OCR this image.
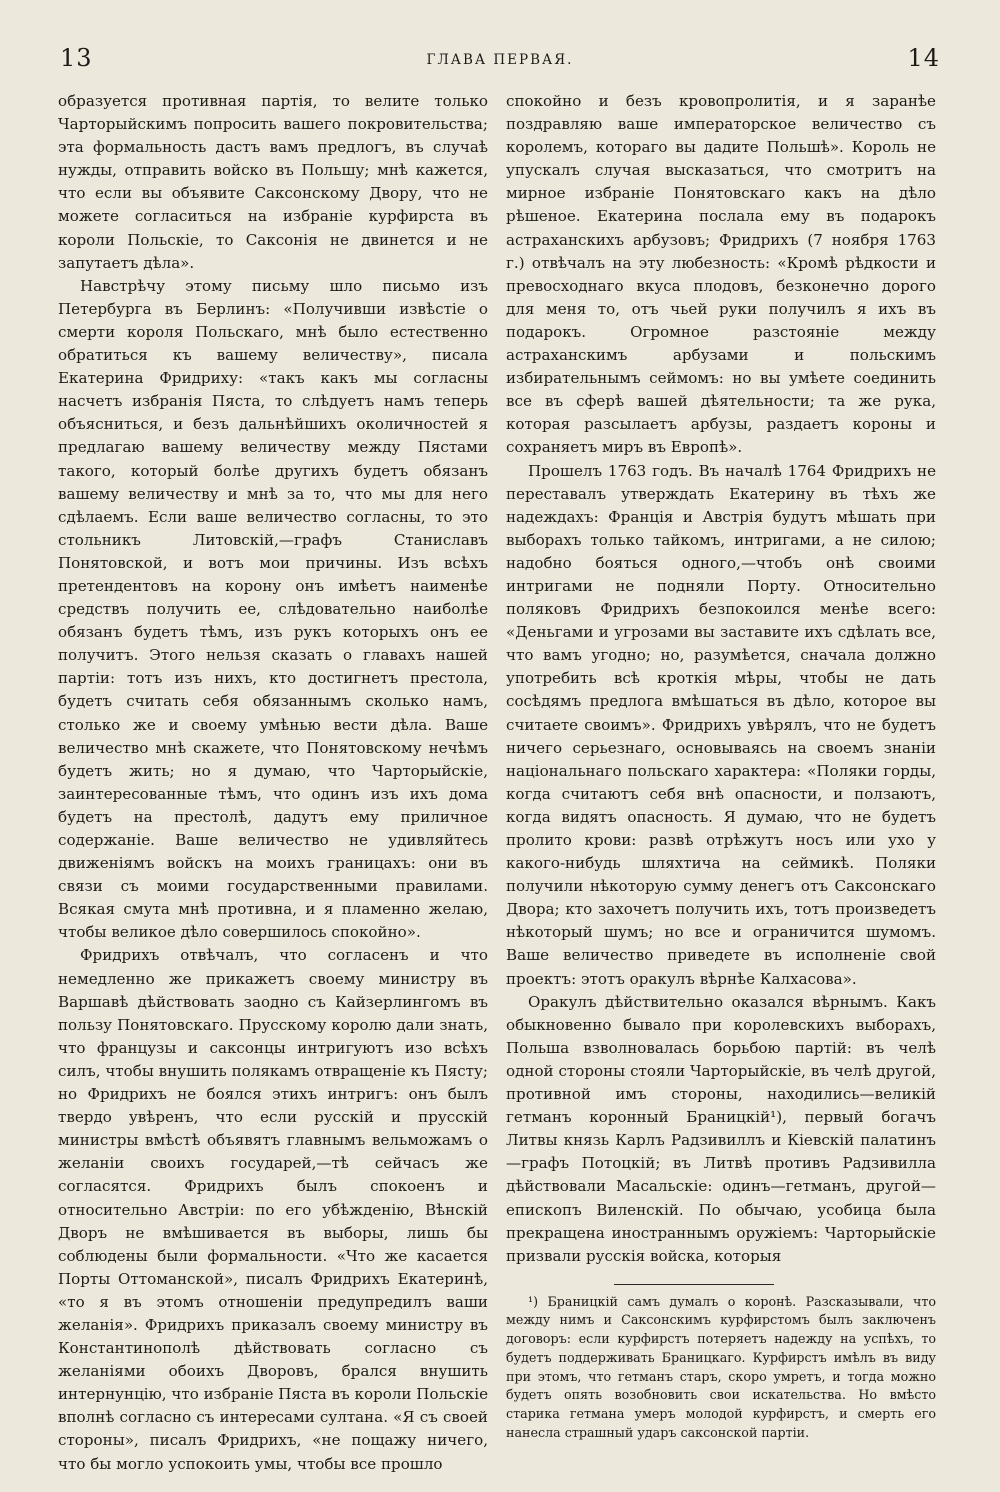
13	ГЛАВА ПЕРВАЯ.	14

образуется противная партія, то велите только Чарторыйскимъ попросить вашего покровительства; эта формальность дастъ вамъ предлогъ, въ случаѣ нужды, отправить войско въ Польшу; мнѣ кажется, что если вы объявите Саксонскому Двору, что не можете согласиться на избраніе курфирста въ короли Польскіе, то Саксонія не двинется и не запутаетъ дѣла».

Навстрѣчу этому письму шло письмо изъ Петербурга въ Берлинъ: «Получивши извѣстіе о смерти короля Польскаго, мнѣ было естественно обратиться къ вашему величеству», писала Екатерина Фридриху: «такъ какъ мы согласны насчетъ избранія Пяста, то слѣдуетъ намъ теперь объясниться, и безъ дальнѣйшихъ околичностей я предлагаю вашему величеству между Пястами такого, который болѣе другихъ будетъ обязанъ вашему величеству и мнѣ за то, что мы для него сдѣлаемъ. Если ваше величество согласны, то это стольникъ Литовскій,—графъ Станиславъ Понятовской, и вотъ мои причины. Изъ всѣхъ претендентовъ на корону онъ имѣетъ наименѣе средствъ получить ее, слѣдовательно наиболѣе обязанъ будетъ тѣмъ, изъ рукъ которыхъ онъ ее получитъ. Этого нельзя сказать о главахъ нашей партіи: тотъ изъ нихъ, кто достигнетъ престола, будетъ считать себя обязаннымъ сколько намъ, столько же и своему умѣнью вести дѣла. Ваше величество мнѣ скажете, что Понятовскому нечѣмъ будетъ жить; но я думаю, что Чарторыйскіе, заинтересованные тѣмъ, что одинъ изъ ихъ дома будетъ на престолѣ, дадутъ ему приличное содержаніе. Ваше величество не удивляйтесь движеніямъ войскъ на моихъ границахъ: они въ связи съ моими государственными правилами. Всякая смута мнѣ противна, и я пламенно желаю, чтобы великое дѣло совершилось спокойно».

Фридрихъ отвѣчалъ, что согласенъ и что немедленно же прикажетъ своему министру въ Варшавѣ дѣйствовать заодно съ Кайзерлингомъ въ пользу Понятовскаго. Прусскому королю дали знать, что французы и саксонцы интригуютъ изо всѣхъ силъ, чтобы внушить полякамъ отвращеніе къ Пясту; но Фридрихъ не боялся этихъ интригъ: онъ былъ твердо увѣренъ, что если русскій и прусскій министры вмѣстѣ объявятъ главнымъ вельможамъ о желаніи своихъ государей,—тѣ сейчасъ же согласятся. Фридрихъ былъ спокоенъ и относительно Австріи: по его убѣжденію, Вѣнскій Дворъ не вмѣшивается въ выборы, лишь бы соблюдены были формальности. «Что же касается Порты Оттоманской», писалъ Фридрихъ Екатеринѣ, «то я въ этомъ отношеніи предупредилъ ваши желанія». Фридрихъ приказалъ своему министру въ Константинополѣ дѣйствовать согласно съ желаніями обоихъ Дворовъ, брался внушить интернунцію, что избраніе Пяста въ короли Польскіе вполнѣ согласно съ интересами султана. «Я съ своей стороны», писалъ Фридрихъ, «не пощажу ничего, что бы могло успокоить умы, чтобы все прошло

спокойно и безъ кровопролитія, и я заранѣе поздравляю ваше императорское величество съ королемъ, котораго вы дадите Польшѣ». Король не упускалъ случая высказаться, что смотритъ на мирное избраніе Понятовскаго какъ на дѣло рѣшеное. Екатерина послала ему въ подарокъ астраханскихъ арбузовъ; Фридрихъ (7 ноября 1763 г.) отвѣчалъ на эту любезность: «Кромѣ рѣдкости и превосходнаго вкуса плодовъ, безконечно дорого для меня то, отъ чьей руки получилъ я ихъ въ подарокъ. Огромное разстояніе между астраханскимъ арбузами и польскимъ избирательнымъ сеймомъ: но вы умѣете соединить все въ сферѣ вашей дѣятельности; та же рука, которая разсылаетъ арбузы, раздаетъ короны и сохраняетъ миръ въ Европѣ».

Прошелъ 1763 годъ. Въ началѣ 1764 Фридрихъ не переставалъ утверждать Екатерину въ тѣхъ же надеждахъ: Франція и Австрія будутъ мѣшать при выборахъ только тайкомъ, интригами, а не силою; надобно бояться одного,—чтобъ онѣ своими интригами не подняли Порту. Относительно поляковъ Фридрихъ безпокоился менѣе всего: «Деньгами и угрозами вы заставите ихъ сдѣлать все, что вамъ угодно; но, разумѣется, сначала должно употребить всѣ кроткія мѣры, чтобы не дать сосѣдямъ предлога вмѣшаться въ дѣло, которое вы считаете своимъ». Фридрихъ увѣрялъ, что не будетъ ничего серьезнаго, основываясь на своемъ знаніи національнаго польскаго характера: «Поляки горды, когда считаютъ себя внѣ опасности, и ползаютъ, когда видятъ опасность. Я думаю, что не будетъ пролито крови: развѣ отрѣжутъ носъ или ухо у какого-нибудь шляхтича на сеймикѣ. Поляки получили нѣкоторую сумму денегъ отъ Саксонскаго Двора; кто захочетъ получить ихъ, тотъ произведетъ нѣкоторый шумъ; но все и ограничится шумомъ. Ваше величество приведете въ исполненіе свой проектъ: этотъ оракулъ вѣрнѣе Калхасова».

Оракулъ дѣйствительно оказался вѣрнымъ. Какъ обыкновенно бывало при королевскихъ выборахъ, Польша взволновалась борьбою партій: въ челѣ одной стороны стояли Чарторыйскіе, въ челѣ другой, противной имъ стороны, находились—великій гетманъ коронный Браницкій¹), первый богачъ Литвы князь Карлъ Радзивиллъ и Кіевскій палатинъ—графъ Потоцкій; въ Литвѣ противъ Радзивилла дѣйствовали Масальскіе: одинъ—гетманъ, другой—епископъ Виленскій. По обычаю, усобица была прекращена иностраннымъ оружіемъ: Чарторыйскіе призвали русскія войска, которыя

¹) Браницкій самъ думалъ о коронѣ. Разсказывали, что между нимъ и Саксонскимъ курфирстомъ былъ заключенъ договоръ: если курфирстъ потеряетъ надежду на успѣхъ, то будетъ поддерживать Браницкаго. Курфирстъ имѣлъ въ виду при этомъ, что гетманъ старъ, скоро умретъ, и тогда можно будетъ опять возобновить свои искательства. Но вмѣсто старика гетмана умеръ молодой курфирстъ, и смерть его нанесла страшный ударъ саксонской партіи.
